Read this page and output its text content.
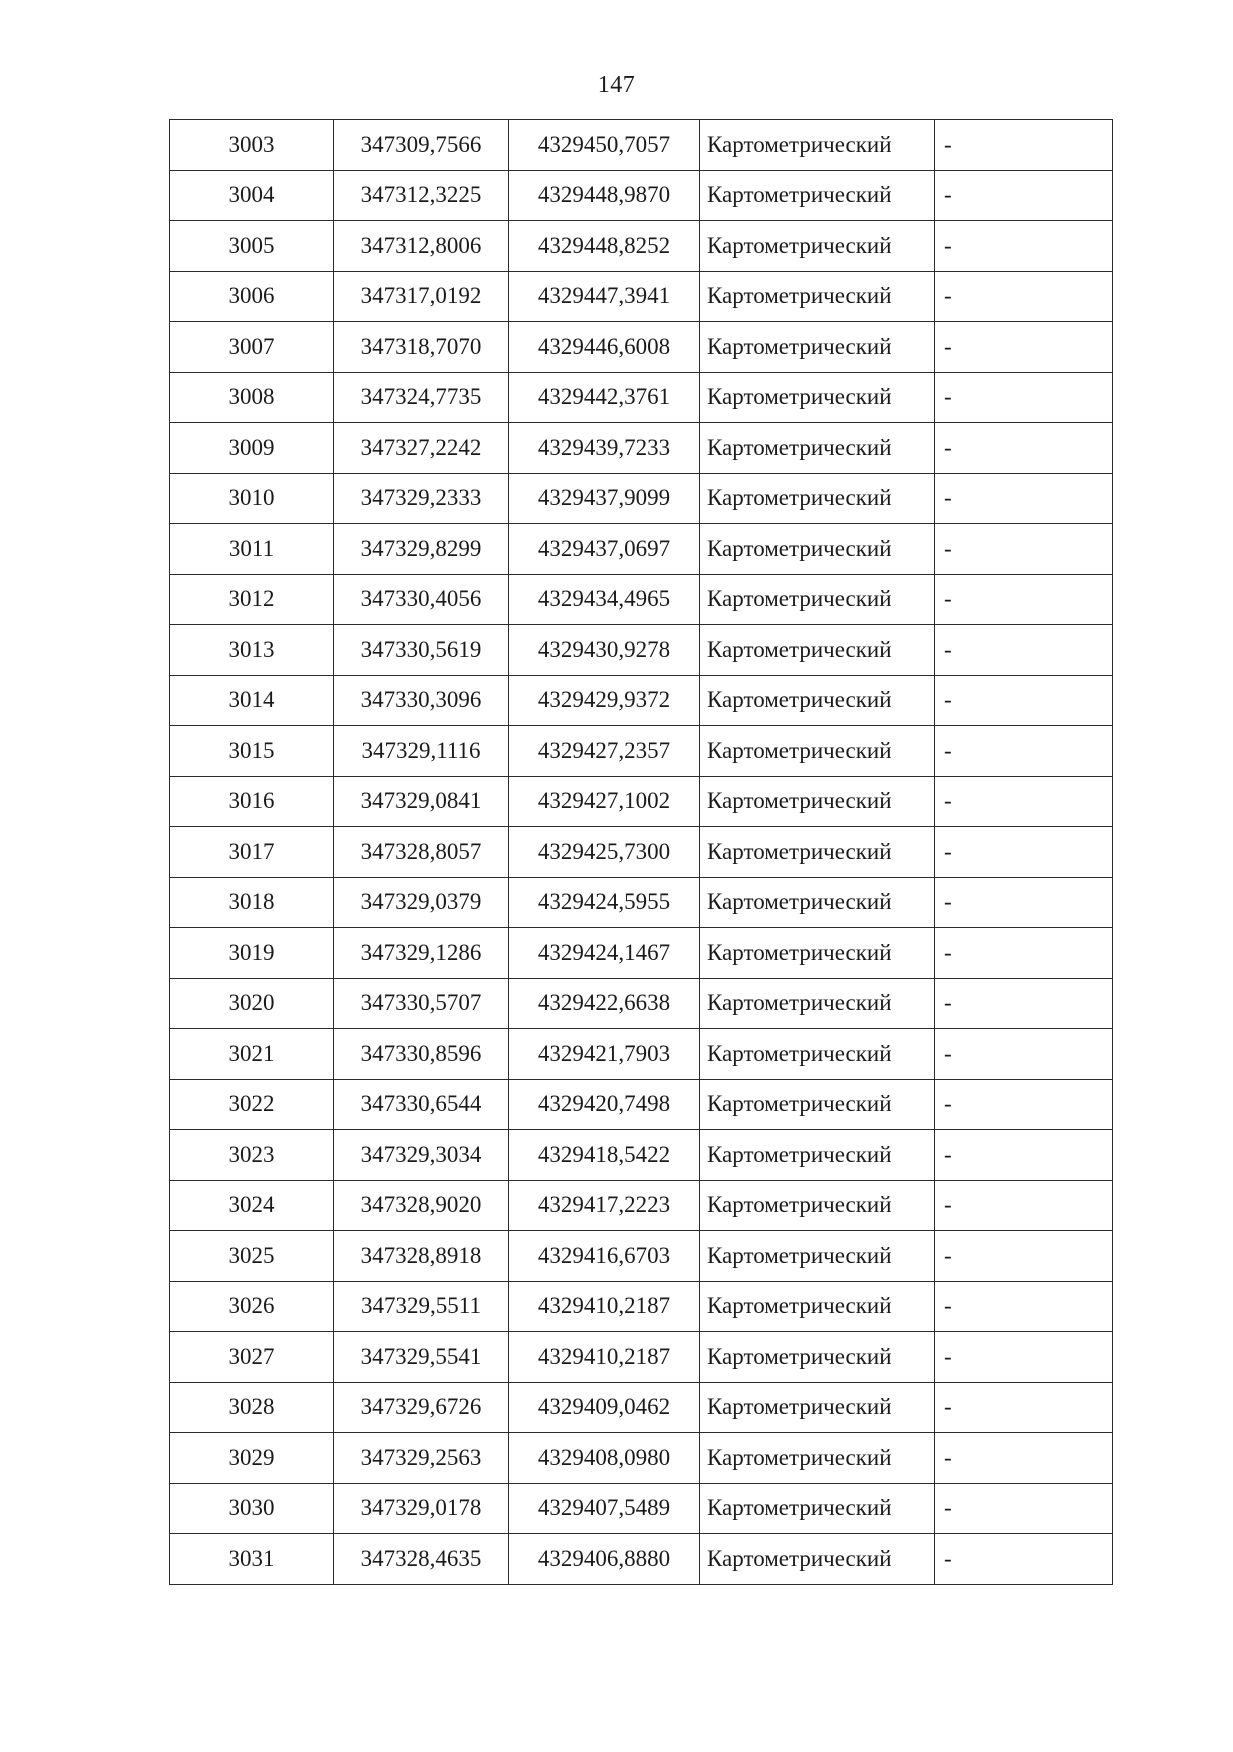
147
3003	347309,7566	4329450,7057	Картометрический	-
3004	347312,3225	4329448,9870	Картометрический	-
3005	347312,8006	4329448,8252	Картометрический	-
3006	347317,0192	4329447,3941	Картометрический	-
3007	347318,7070	4329446,6008	Картометрический	-
3008	347324,7735	4329442,3761	Картометрический	-
3009	347327,2242	4329439,7233	Картометрический	-
3010	347329,2333	4329437,9099	Картометрический	-
3011	347329,8299	4329437,0697	Картометрический	-
3012	347330,4056	4329434,4965	Картометрический	-
3013	347330,5619	4329430,9278	Картометрический	-
3014	347330,3096	4329429,9372	Картометрический	-
3015	347329,1116	4329427,2357	Картометрический	-
3016	347329,0841	4329427,1002	Картометрический	-
3017	347328,8057	4329425,7300	Картометрический	-
3018	347329,0379	4329424,5955	Картометрический	-
3019	347329,1286	4329424,1467	Картометрический	-
3020	347330,5707	4329422,6638	Картометрический	-
3021	347330,8596	4329421,7903	Картометрический	-
3022	347330,6544	4329420,7498	Картометрический	-
3023	347329,3034	4329418,5422	Картометрический	-
3024	347328,9020	4329417,2223	Картометрический	-
3025	347328,8918	4329416,6703	Картометрический	-
3026	347329,5511	4329410,2187	Картометрический	-
3027	347329,5541	4329410,2187	Картометрический	-
3028	347329,6726	4329409,0462	Картометрический	-
3029	347329,2563	4329408,0980	Картометрический	-
3030	347329,0178	4329407,5489	Картометрический	-
3031	347328,4635	4329406,8880	Картометрический	-
